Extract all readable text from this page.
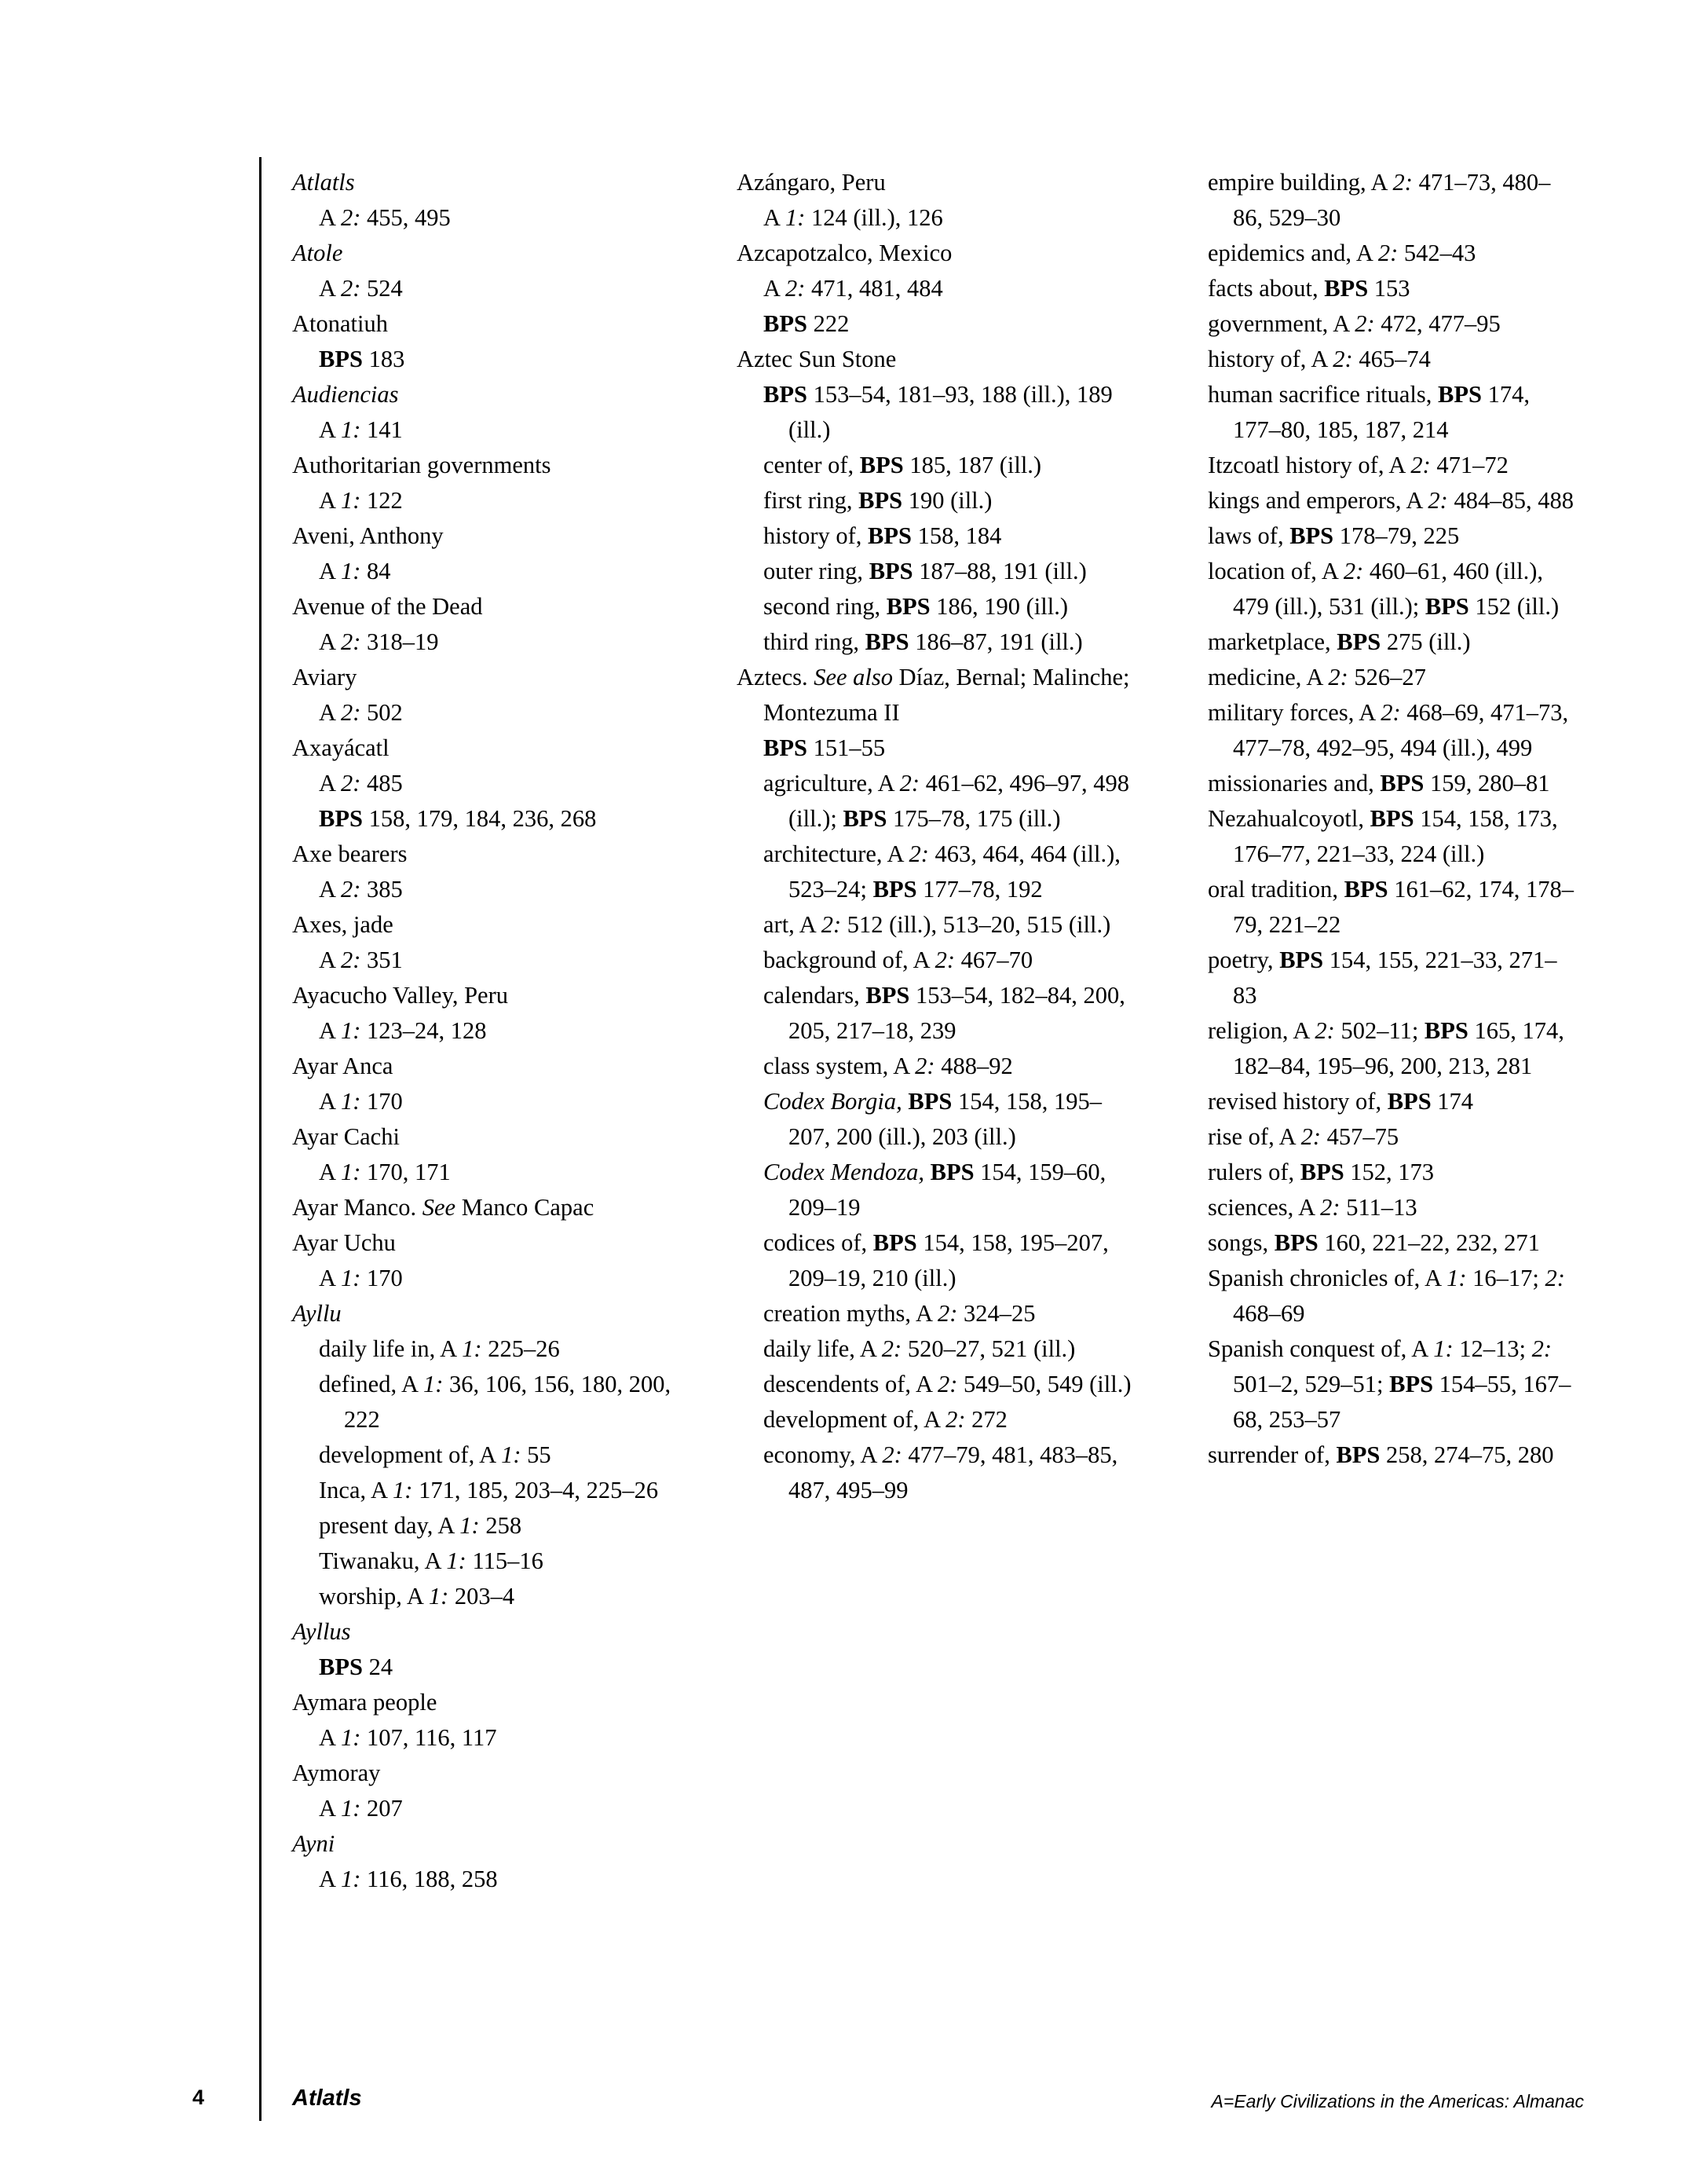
Atlatls
A 2: 455, 495
Atole
A 2: 524
Atonatiuh
BPS 183
Audiencias
A 1: 141
Authoritarian governments
A 1: 122
Aveni, Anthony
A 1: 84
Avenue of the Dead
A 2: 318–19
Aviary
A 2: 502
Axayácatl
A 2: 485
BPS 158, 179, 184, 236, 268
Axe bearers
A 2: 385
Axes, jade
A 2: 351
Ayacucho Valley, Peru
A 1: 123–24, 128
Ayar Anca
A 1: 170
Ayar Cachi
A 1: 170, 171
Ayar Manco. See Manco Capac
Ayar Uchu
A 1: 170
Ayllu
daily life in, A 1: 225–26
defined, A 1: 36, 106, 156, 180, 200, 222
development of, A 1: 55
Inca, A 1: 171, 185, 203–4, 225–26
present day, A 1: 258
Tiwanaku, A 1: 115–16
worship, A 1: 203–4
Ayllus
BPS 24
Aymara people
A 1: 107, 116, 117
Aymoray
A 1: 207
Ayni
A 1: 116, 188, 258
Azángaro, Peru
A 1: 124 (ill.), 126
Azcapotzalco, Mexico
A 2: 471, 481, 484
BPS 222
Aztec Sun Stone
BPS 153–54, 181–93, 188 (ill.), 189 (ill.)
center of, BPS 185, 187 (ill.)
first ring, BPS 190 (ill.)
history of, BPS 158, 184
outer ring, BPS 187–88, 191 (ill.)
second ring, BPS 186, 190 (ill.)
third ring, BPS 186–87, 191 (ill.)
Aztecs. See also Díaz, Bernal; Malinche; Montezuma II
BPS 151–55
agriculture, A 2: 461–62, 496–97, 498 (ill.); BPS 175–78, 175 (ill.)
architecture, A 2: 463, 464, 464 (ill.), 523–24; BPS 177–78, 192
art, A 2: 512 (ill.), 513–20, 515 (ill.)
background of, A 2: 467–70
calendars, BPS 153–54, 182–84, 200, 205, 217–18, 239
class system, A 2: 488–92
Codex Borgia, BPS 154, 158, 195–207, 200 (ill.), 203 (ill.)
Codex Mendoza, BPS 154, 159–60, 209–19
codices of, BPS 154, 158, 195–207, 209–19, 210 (ill.)
creation myths, A 2: 324–25
daily life, A 2: 520–27, 521 (ill.)
descendents of, A 2: 549–50, 549 (ill.)
development of, A 2: 272
economy, A 2: 477–79, 481, 483–85, 487, 495–99
empire building, A 2: 471–73, 480–86, 529–30
epidemics and, A 2: 542–43
facts about, BPS 153
government, A 2: 472, 477–95
history of, A 2: 465–74
human sacrifice rituals, BPS 174, 177–80, 185, 187, 214
Itzcoatl history of, A 2: 471–72
kings and emperors, A 2: 484–85, 488
laws of, BPS 178–79, 225
location of, A 2: 460–61, 460 (ill.), 479 (ill.), 531 (ill.); BPS 152 (ill.)
marketplace, BPS 275 (ill.)
medicine, A 2: 526–27
military forces, A 2: 468–69, 471–73, 477–78, 492–95, 494 (ill.), 499
missionaries and, BPS 159, 280–81
Nezahualcoyotl, BPS 154, 158, 173, 176–77, 221–33, 224 (ill.)
oral tradition, BPS 161–62, 174, 178–79, 221–22
poetry, BPS 154, 155, 221–33, 271–83
religion, A 2: 502–11; BPS 165, 174, 182–84, 195–96, 200, 213, 281
revised history of, BPS 174
rise of, A 2: 457–75
rulers of, BPS 152, 173
sciences, A 2: 511–13
songs, BPS 160, 221–22, 232, 271
Spanish chronicles of, A 1: 16–17; 2: 468–69
Spanish conquest of, A 1: 12–13; 2: 501–2, 529–51; BPS 154–55, 167–68, 253–57
surrender of, BPS 258, 274–75, 280
4	Atlatls	A=Early Civilizations in the Americas: Almanac
